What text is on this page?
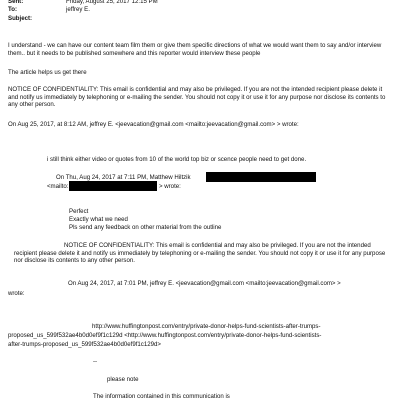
Sent:	Friday, August 25, 2017 12:15 PM
To:	jeffrey E.
Subject:

I understand - we can have our content team film them or give them specific directions of what we would want them to say and/or interview them.. but it needs to be published somewhere and this reporter would interview these people

The article helps us get there

NOTICE OF CONFIDENTIALITY: This email is confidential and may also be privileged. If you are not the intended recipient please delete it and notify us immediately by telephoning or e-mailing the sender. You should not copy it or use it for any purpose nor disclose its contents to any other person.

On Aug 25, 2017, at 8:12 AM, jeffrey E. <jeevacation@gmail.com <mailto:jeevacation@gmail.com> > wrote:
i still think either video or quotes from 10 of the world top biz or scence people need to get done.
On Thu, Aug 24, 2017 at 7:11 PM, Matthew Hiltzik
<mailto:	> wrote:
Perfect
Exactly what we need
Pls send any feedback on other material from the outline

NOTICE OF CONFIDENTIALITY: This email is confidential and may also be privileged. If you are not the intended recipient please delete it and notify us immediately by telephoning or e-mailing the sender. You should not copy it or use it for any purpose nor disclose its contents to any other person.

On Aug 24, 2017, at 7:01 PM, jeffrey E. <jeevacation@gmail.com <mailto:jeevacation@gmail.com> >
wrote:
http://www.huffingtonpost.com/entry/private-donor-helps-fund-scientists-after-trumps-
proposed_us_599f532ae4b0d0ef9f1c129d <http://www.huffingtonpost.com/entry/private-donor-helps-fund-scientists-
after-trumps-proposed_us_599f532ae4b0d0ef9f1c129d>
--
please note
The information contained in this communication is
